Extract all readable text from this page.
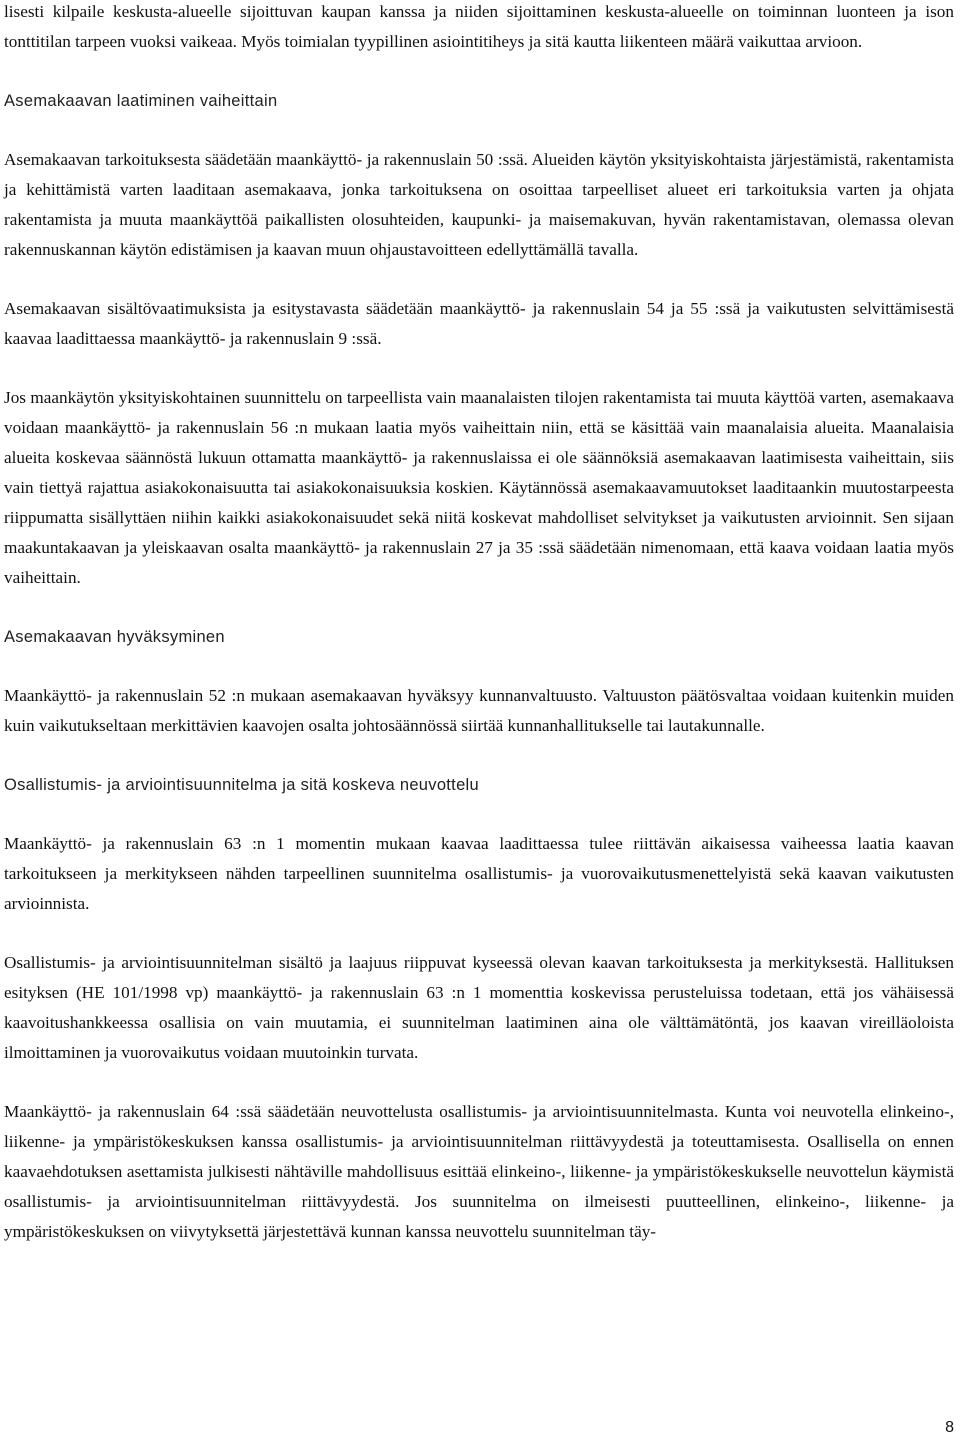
lisesti kilpaile keskusta-alueelle sijoittuvan kaupan kanssa ja niiden sijoittaminen keskusta-alueelle on toiminnan luonteen ja ison tonttitilan tarpeen vuoksi vaikeaa. Myös toimialan tyypillinen asiointitiheys ja sitä kautta liikenteen määrä vaikuttaa arvioon.

Asemakaavan laatiminen vaiheittain

Asemakaavan tarkoituksesta säädetään maankäyttö- ja rakennuslain 50 :ssä. Alueiden käytön yksityiskohtaista järjestämistä, rakentamista ja kehittämistä varten laaditaan asemakaava, jonka tarkoituksena on osoittaa tarpeelliset alueet eri tarkoituksia varten ja ohjata rakentamista ja muuta maankäyttöä paikallisten olosuhteiden, kaupunki- ja maisemakuvan, hyvän rakentamistavan, olemassa olevan rakennuskannan käytön edistämisen ja kaavan muun ohjaustavoitteen edellyttämällä tavalla.

Asemakaavan sisältövaatimuksista ja esitystavasta säädetään maankäyttö- ja rakennuslain 54 ja 55 :ssä ja vaikutusten selvittämisestä kaavaa laadittaessa maankäyttö- ja rakennuslain 9 :ssä.

Jos maankäytön yksityiskohtainen suunnittelu on tarpeellista vain maanalaisten tilojen rakentamista tai muuta käyttöä varten, asemakaava voidaan maankäyttö- ja rakennuslain 56 :n mukaan laatia myös vaiheittain niin, että se käsittää vain maanalaisia alueita. Maanalaisia alueita koskevaa säännöstä lukuun ottamatta maankäyttö- ja rakennuslaissa ei ole säännöksiä asemakaavan laatimisesta vaiheittain, siis vain tiettyä rajattua asiakokonaisuutta tai asiakokonaisuuksia koskien. Käytännössä asemakaavamuutokset laaditaankin muutostarpeesta riippumatta sisällyttäen niihin kaikki asiakokonaisuudet sekä niitä koskevat mahdolliset selvitykset ja vaikutusten arvioinnit. Sen sijaan maakuntakaavan ja yleiskaavan osalta maankäyttö- ja rakennuslain 27 ja 35 :ssä säädetään nimenomaan, että kaava voidaan laatia myös vaiheittain.

Asemakaavan hyväksyminen

Maankäyttö- ja rakennuslain 52 :n mukaan asemakaavan hyväksyy kunnanvaltuusto. Valtuuston päätösvaltaa voidaan kuitenkin muiden kuin vaikutukseltaan merkittävien kaavojen osalta johtosäännössä siirtää kunnanhallitukselle tai lautakunnalle.

Osallistumis- ja arviointisuunnitelma ja sitä koskeva neuvottelu

Maankäyttö- ja rakennuslain 63 :n 1 momentin mukaan kaavaa laadittaessa tulee riittävän aikaisessa vaiheessa laatia kaavan tarkoitukseen ja merkitykseen nähden tarpeellinen suunnitelma osallistumis- ja vuorovaikutusmenettelyistä sekä kaavan vaikutusten arvioinnista.

Osallistumis- ja arviointisuunnitelman sisältö ja laajuus riippuvat kyseessä olevan kaavan tarkoituksesta ja merkityksestä. Hallituksen esityksen (HE 101/1998 vp) maankäyttö- ja rakennuslain 63 :n 1 momenttia koskevissa perusteluissa todetaan, että jos vähäisessä kaavoitushankkeessa osallisia on vain muutamia, ei suunnitelman laatiminen aina ole välttämätöntä, jos kaavan vireilläoloista ilmoittaminen ja vuorovaikutus voidaan muutoinkin turvata.

Maankäyttö- ja rakennuslain 64 :ssä säädetään neuvottelusta osallistumis- ja arviointisuunnitelmasta. Kunta voi neuvotella elinkeino-, liikenne- ja ympäristökeskuksen kanssa osallistumis- ja arviointisuunnitelman riittävyydestä ja toteuttamisesta. Osallisella on ennen kaavaehdotuksen asettamista julkisesti nähtäville mahdollisuus esittää elinkeino-, liikenne- ja ympäristökeskukselle neuvottelun käymistä osallistumis- ja arviointisuunnitelman riittävyydestä. Jos suunnitelma on ilmeisesti puutteellinen, elinkeino-, liikenne- ja ympäristökeskuksen on viivytyksettä järjestettävä kunnan kanssa neuvottelu suunnitelman täy-

8
